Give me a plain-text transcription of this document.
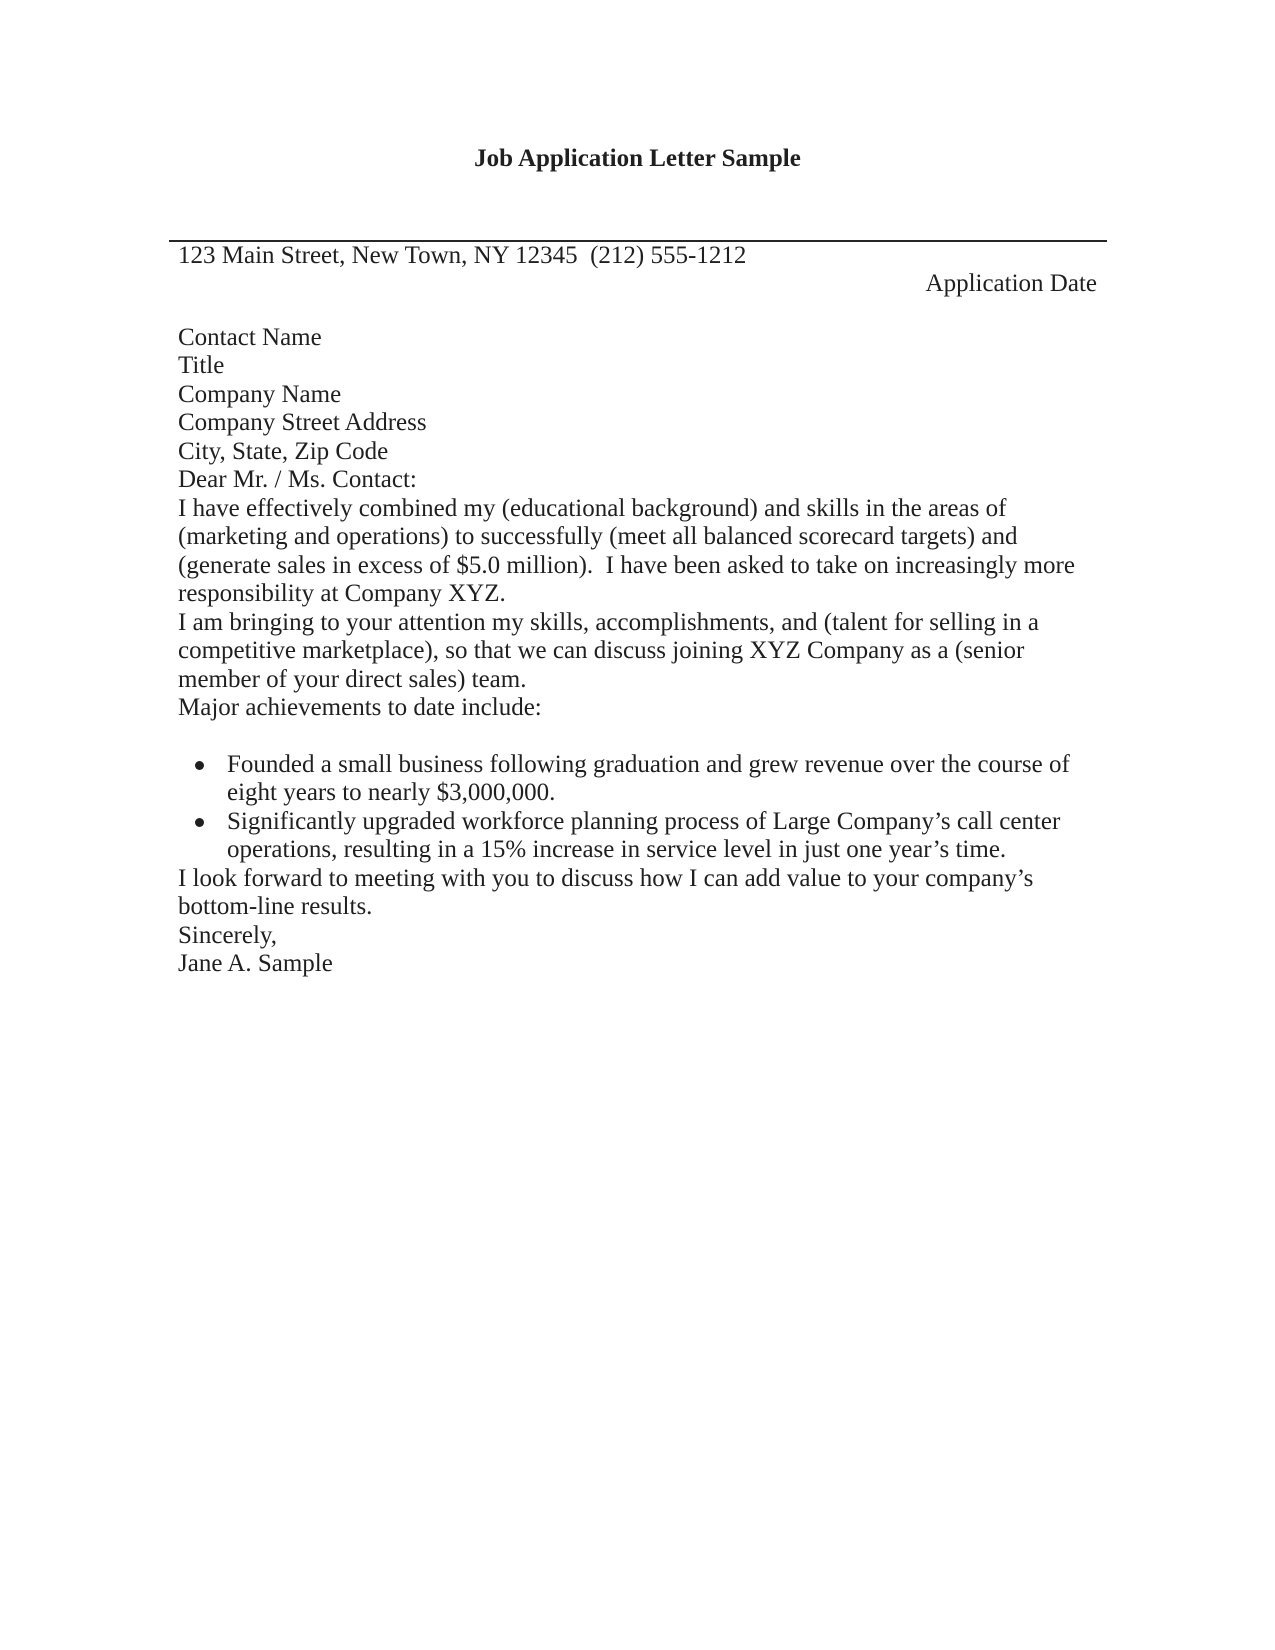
Job Application Letter Sample

123 Main Street, New Town, NY 12345  (212) 555-1212

Application Date

Contact Name

Title

Company Name

Company Street Address

City, State, Zip Code

Dear Mr. / Ms. Contact:

I have effectively combined my (educational background) and skills in the areas of (marketing and operations) to successfully (meet all balanced scorecard targets) and (generate sales in excess of $5.0 million).  I have been asked to take on increasingly more responsibility at Company XYZ.

I am bringing to your attention my skills, accomplishments, and (talent for selling in a competitive marketplace), so that we can discuss joining XYZ Company as a (senior member of your direct sales) team.

Major achievements to date include:

Founded a small business following graduation and grew revenue over the course of eight years to nearly $3,000,000.
Significantly upgraded workforce planning process of Large Company’s call center operations, resulting in a 15% increase in service level in just one year’s time.

I look forward to meeting with you to discuss how I can add value to your company’s bottom-line results.

Sincerely,

Jane A. Sample
